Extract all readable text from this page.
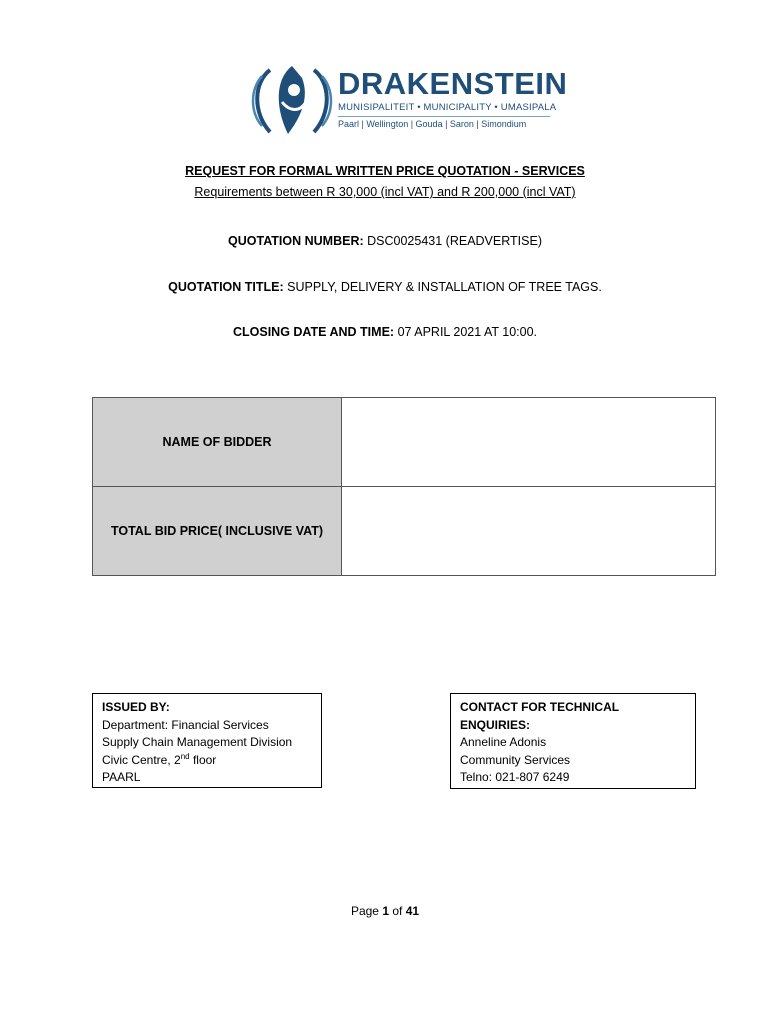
DRAKENSTEIN
MUNISIPALITEIT • MUNICIPALITY • UMASIPALA
Paarl | Wellington | Gouda | Saron | Simondium
REQUEST FOR FORMAL WRITTEN PRICE QUOTATION - SERVICES
Requirements between R 30,000 (incl VAT) and R 200,000 (incl VAT)
QUOTATION NUMBER: DSC0025431 (READVERTISE)
QUOTATION TITLE: SUPPLY, DELIVERY & INSTALLATION OF TREE TAGS.
CLOSING DATE AND TIME: 07 APRIL 2021 AT 10:00.
NAME OF BIDDER	
TOTAL BID PRICE( INCLUSIVE VAT)	
ISSUED BY:
Department: Financial Services
Supply Chain Management Division
Civic Centre, 2nd floor
PAARL
CONTACT FOR TECHNICAL ENQUIRIES:
Anneline Adonis
Community Services
Telno: 021-807 6249
Page 1 of 41
